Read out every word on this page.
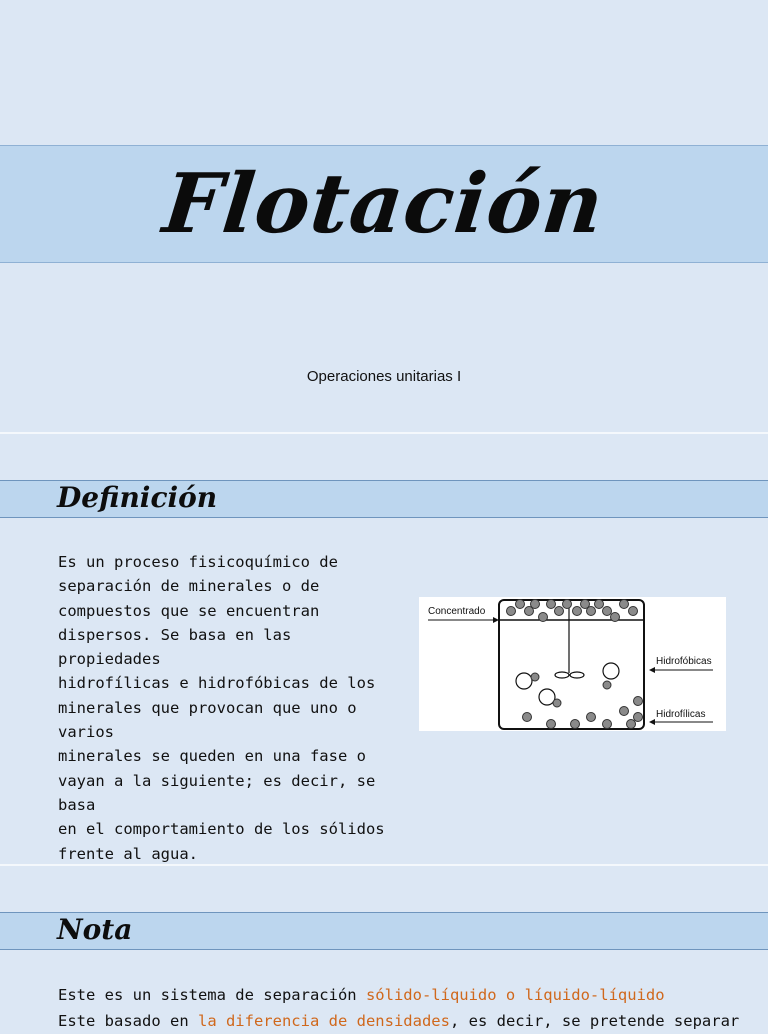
Flotación
Operaciones unitarias I
Definición
Es un proceso fisicoquímico de
separación de minerales o de
compuestos que se encuentran
dispersos. Se basa en las propiedades
hidrofílicas e hidrofóbicas de los
minerales que provocan que uno o varios
minerales se queden en una fase o
vayan a la siguiente; es decir, se basa
en el comportamiento de los sólidos
frente al agua.
Concentrado
Hidrofóbicas
Hidrofílicas
Nota
Este es un sistema de separación sólido-líquido o líquido-líquido
Este basado en la diferencia de densidades, es decir, se pretende separar
